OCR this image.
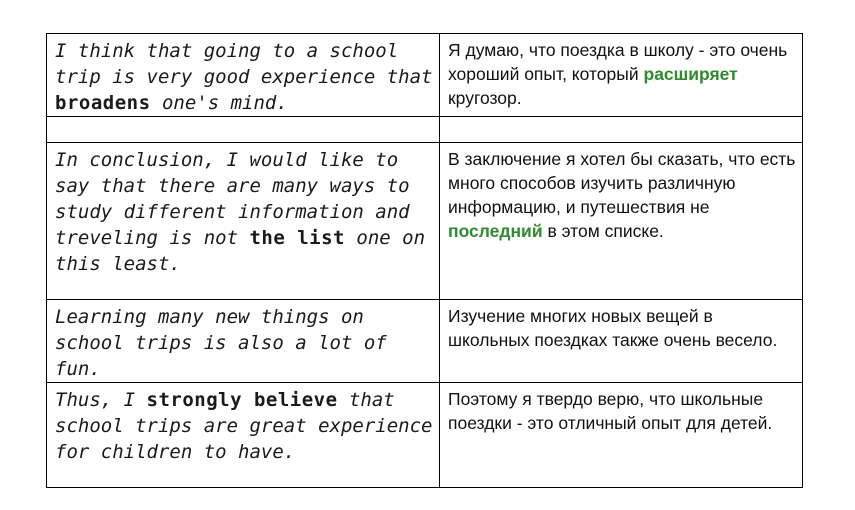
I think that going to a school trip is very good experience that broadens one's mind.	Я думаю, что поездка в школу - это очень хороший опыт, который расширяет кругозор.

In conclusion, I would like to say that there are many ways to study different information and treveling is not the list one on this least.	В заключение я хотел бы сказать, что есть много способов изучить различную информацию, и путешествия не последний в этом списке.
Learning many new things on school trips is also a lot of fun.	Изучение многих новых вещей в школьных поездках также очень весело.
Thus, I strongly believe that school trips are great experience for children to have.	Поэтому я твердо верю, что школьные поездки - это отличный опыт для детей.
